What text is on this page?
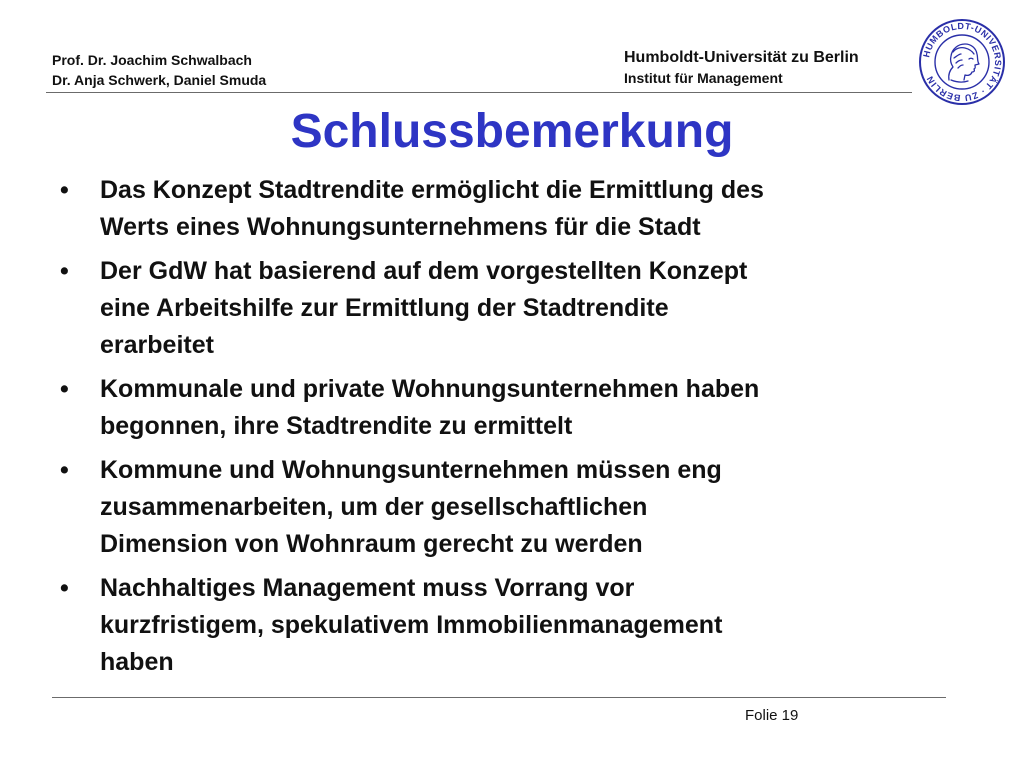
Prof. Dr. Joachim Schwalbach
Dr. Anja Schwerk, Daniel Smuda
Humboldt-Universität zu Berlin
Institut für Management
HUMBOLDT-UNIVERSITÄT · ZU BERLIN
Schlussbemerkung
• Das Konzept Stadtrendite ermöglicht die Ermittlung des
Werts eines Wohnungsunternehmens für die Stadt
• Der GdW hat basierend auf dem vorgestellten Konzept
eine Arbeitshilfe zur Ermittlung der Stadtrendite
erarbeitet
• Kommunale und private Wohnungsunternehmen haben
begonnen, ihre Stadtrendite zu ermittelt
• Kommune und Wohnungsunternehmen müssen eng
zusammenarbeiten, um der gesellschaftlichen
Dimension von Wohnraum gerecht zu werden
• Nachhaltiges Management muss Vorrang vor
kurzfristigem, spekulativem Immobilienmanagement
haben
Folie 19
